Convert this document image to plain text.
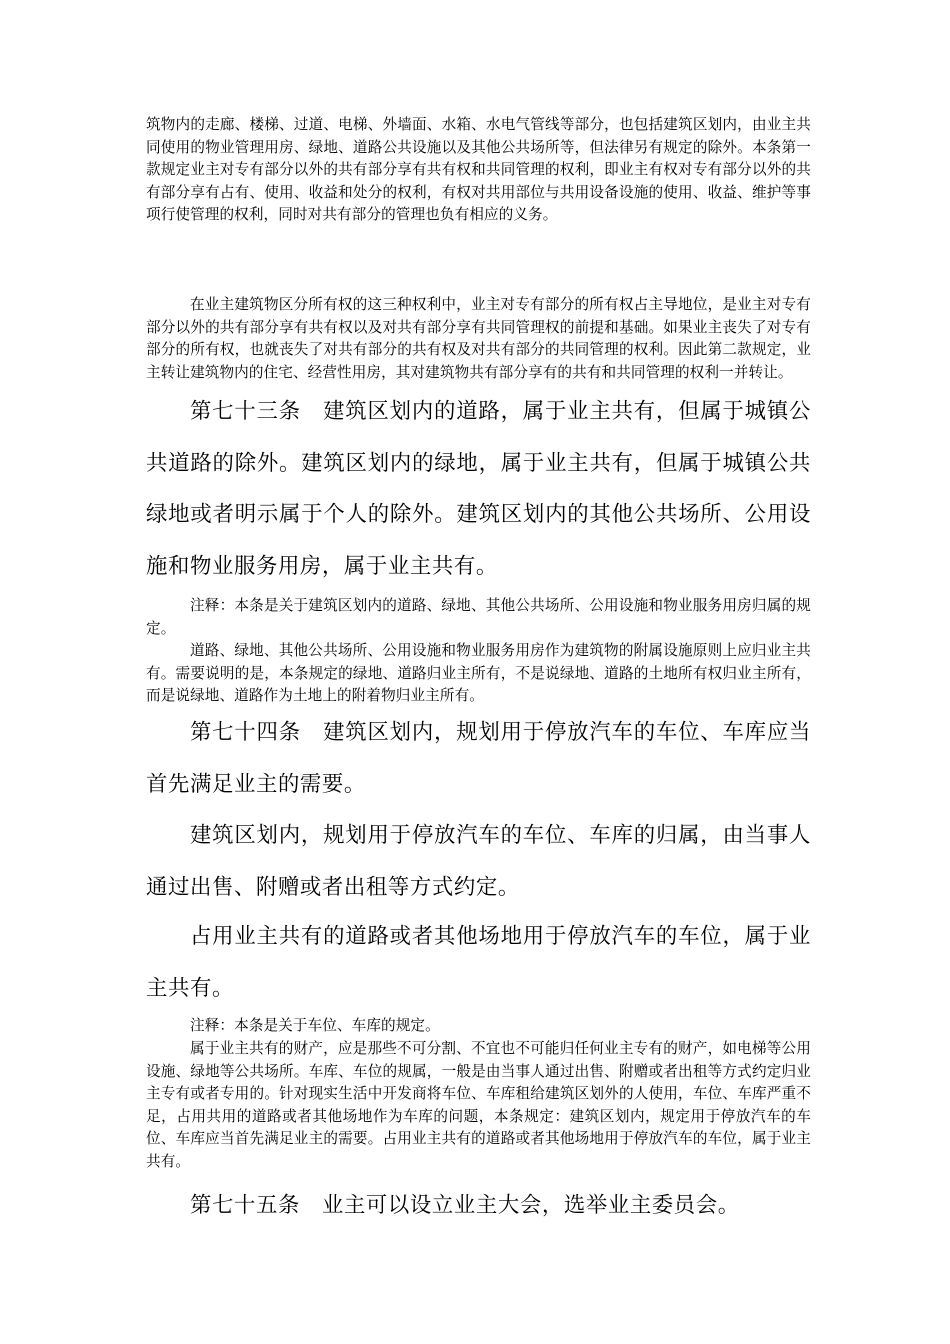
筑物内的走廊、楼梯、过道、电梯、外墙面、水箱、水电气管线等部分，也包括建筑区划内，由业主共同使用的物业管理用房、绿地、道路公共设施以及其他公共场所等，但法律另有规定的除外。本条第一款规定业主对专有部分以外的共有部分享有共有权和共同管理的权利，即业主有权对专有部分以外的共有部分享有占有、使用、收益和处分的权利，有权对共用部位与共用设备设施的使用、收益、维护等事项行使管理的权利，同时对共有部分的管理也负有相应的义务。

在业主建筑物区分所有权的这三种权利中，业主对专有部分的所有权占主导地位，是业主对专有部分以外的共有部分享有共有权以及对共有部分享有共同管理权的前提和基础。如果业主丧失了对专有部分的所有权，也就丧失了对共有部分的共有权及对共有部分的共同管理的权利。因此第二款规定，业主转让建筑物内的住宅、经营性用房，其对建筑物共有部分享有的共有和共同管理的权利一并转让。

第七十三条　建筑区划内的道路，属于业主共有，但属于城镇公共道路的除外。建筑区划内的绿地，属于业主共有，但属于城镇公共绿地或者明示属于个人的除外。建筑区划内的其他公共场所、公用设施和物业服务用房，属于业主共有。

注释：本条是关于建筑区划内的道路、绿地、其他公共场所、公用设施和物业服务用房归属的规定。

道路、绿地、其他公共场所、公用设施和物业服务用房作为建筑物的附属设施原则上应归业主共有。需要说明的是，本条规定的绿地、道路归业主所有，不是说绿地、道路的土地所有权归业主所有，而是说绿地、道路作为土地上的附着物归业主所有。

第七十四条　建筑区划内，规划用于停放汽车的车位、车库应当首先满足业主的需要。

建筑区划内，规划用于停放汽车的车位、车库的归属，由当事人通过出售、附赠或者出租等方式约定。

占用业主共有的道路或者其他场地用于停放汽车的车位，属于业主共有。

注释：本条是关于车位、车库的规定。

属于业主共有的财产，应是那些不可分割、不宜也不可能归任何业主专有的财产，如电梯等公用设施、绿地等公共场所。车库、车位的规属，一般是由当事人通过出售、附赠或者出租等方式约定归业主专有或者专用的。针对现实生活中开发商将车位、车库租给建筑区划外的人使用，车位、车库严重不足，占用共用的道路或者其他场地作为车库的问题，本条规定：建筑区划内，规定用于停放汽车的车位、车库应当首先满足业主的需要。占用业主共有的道路或者其他场地用于停放汽车的车位，属于业主共有。

第七十五条　业主可以设立业主大会，选举业主委员会。
